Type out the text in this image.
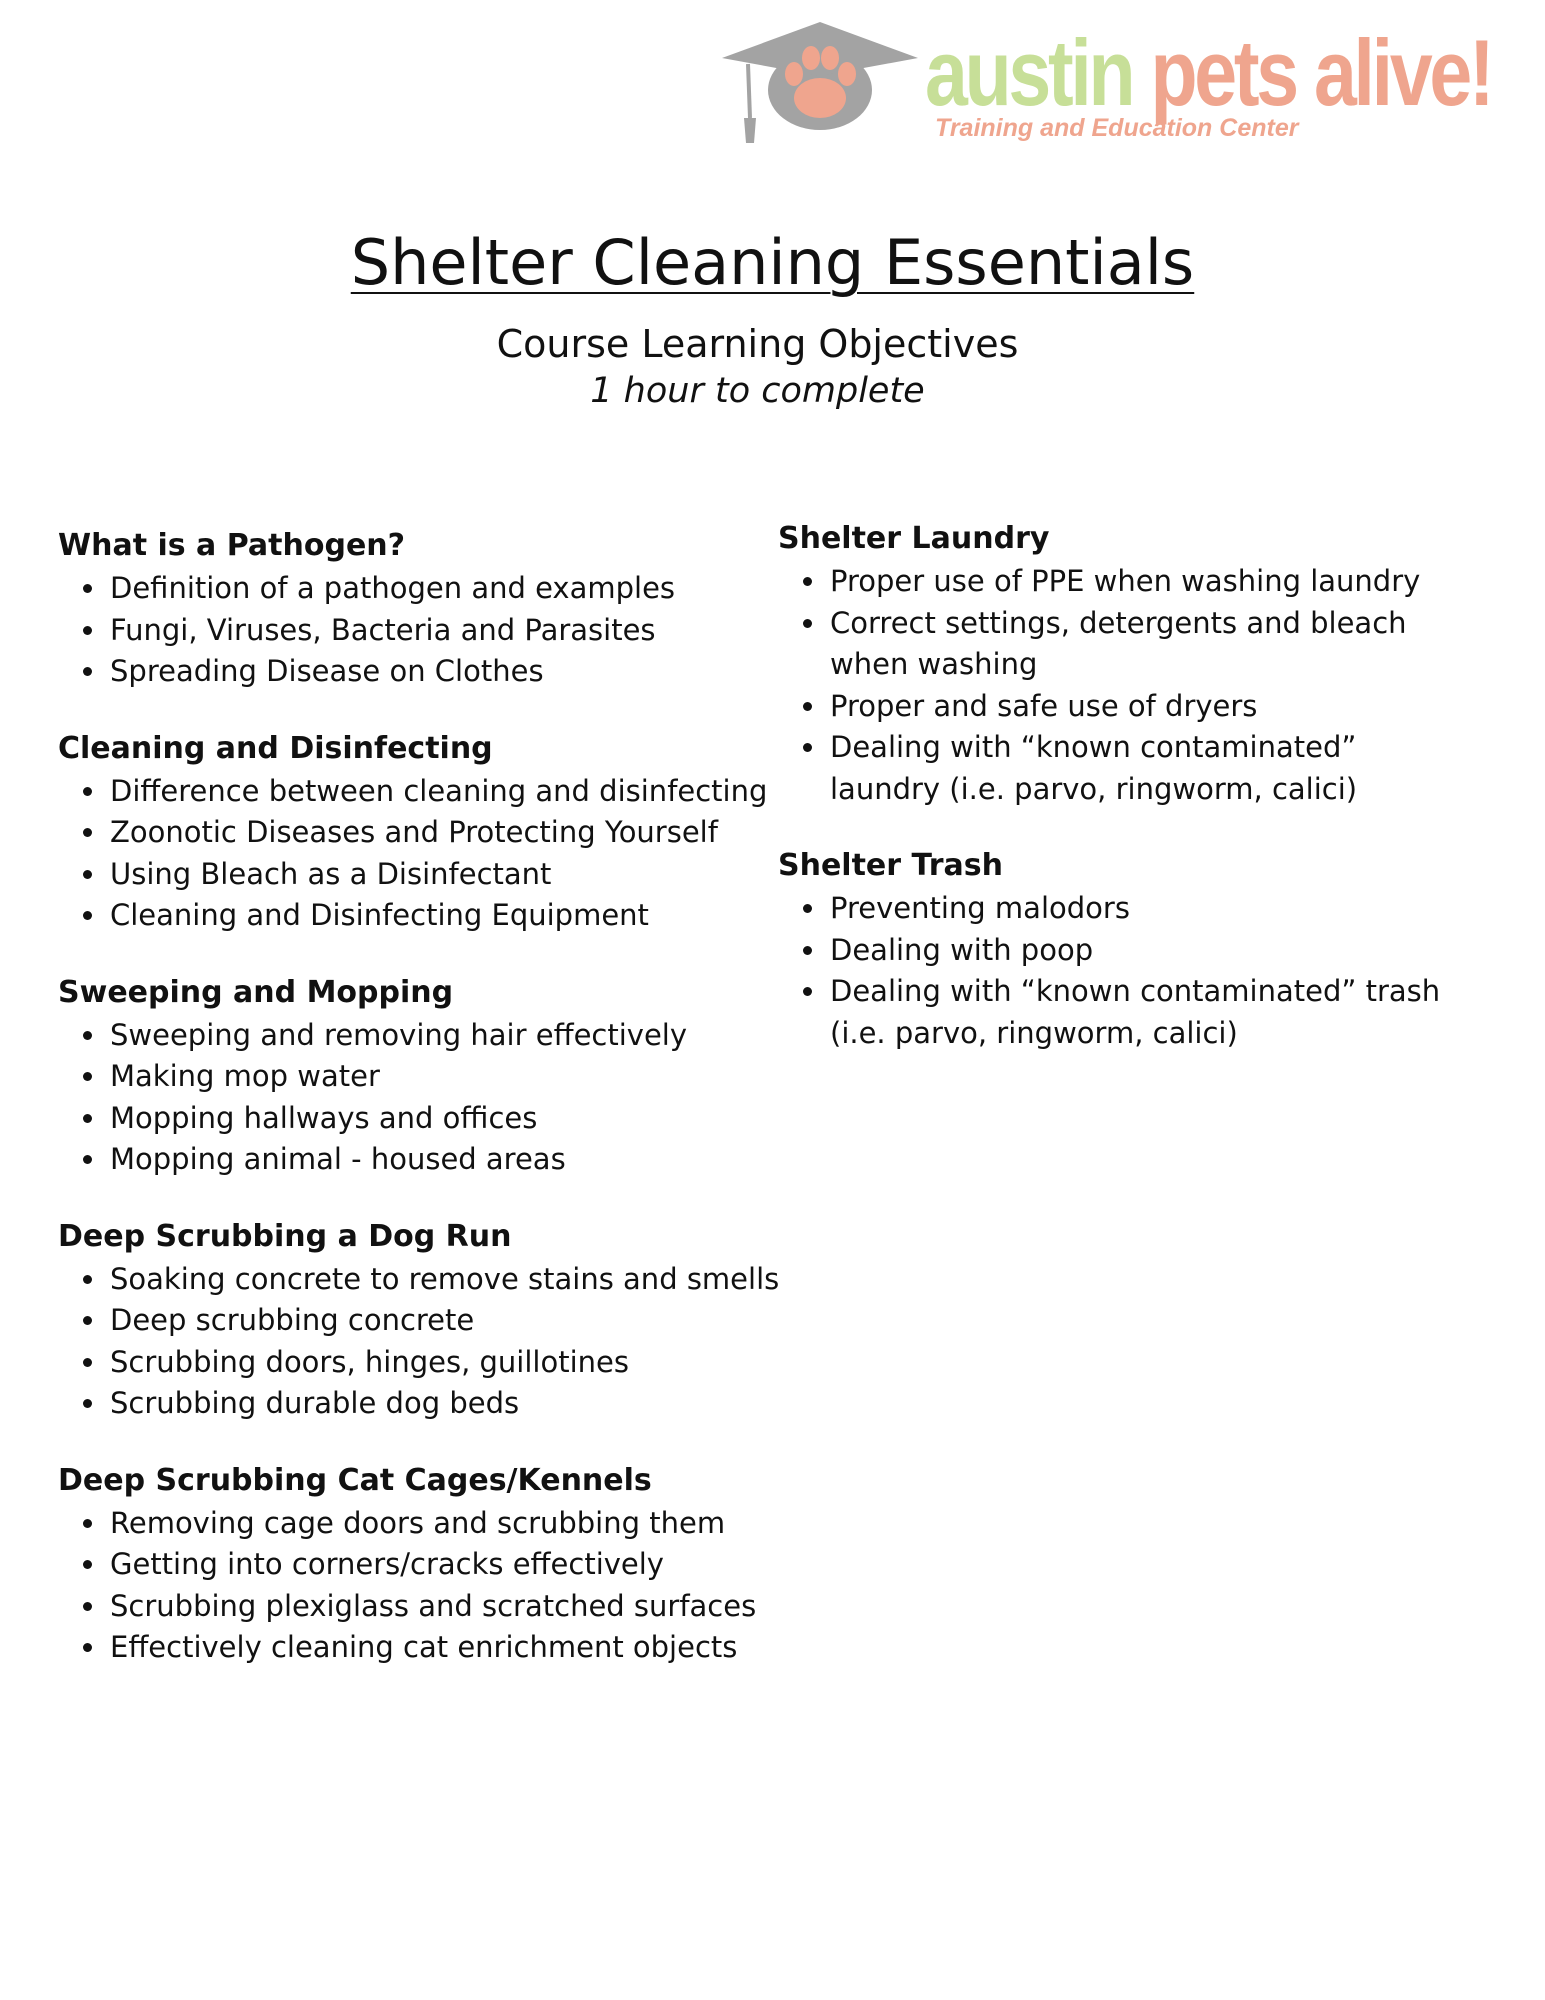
austin pets alive!
Training and Education Center
Shelter Cleaning Essentials
Course Learning Objectives
1 hour to complete
What is a Pathogen?
• Definition of a pathogen and examples
• Fungi, Viruses, Bacteria and Parasites
• Spreading Disease on Clothes
Cleaning and Disinfecting
• Difference between cleaning and disinfecting
• Zoonotic Diseases and Protecting Yourself
• Using Bleach as a Disinfectant
• Cleaning and Disinfecting Equipment
Sweeping and Mopping
• Sweeping and removing hair effectively
• Making mop water
• Mopping hallways and offices
• Mopping animal - housed areas
Deep Scrubbing a Dog Run
• Soaking concrete to remove stains and smells
• Deep scrubbing concrete
• Scrubbing doors, hinges, guillotines
• Scrubbing durable dog beds
Deep Scrubbing Cat Cages/Kennels
• Removing cage doors and scrubbing them
• Getting into corners/cracks effectively
• Scrubbing plexiglass and scratched surfaces
• Effectively cleaning cat enrichment objects
Shelter Laundry
• Proper use of PPE when washing laundry
• Correct settings, detergents and bleach when washing
• Proper and safe use of dryers
• Dealing with “known contaminated” laundry (i.e. parvo, ringworm, calici)
Shelter Trash
• Preventing malodors
• Dealing with poop
• Dealing with “known contaminated” trash (i.e. parvo, ringworm, calici)
